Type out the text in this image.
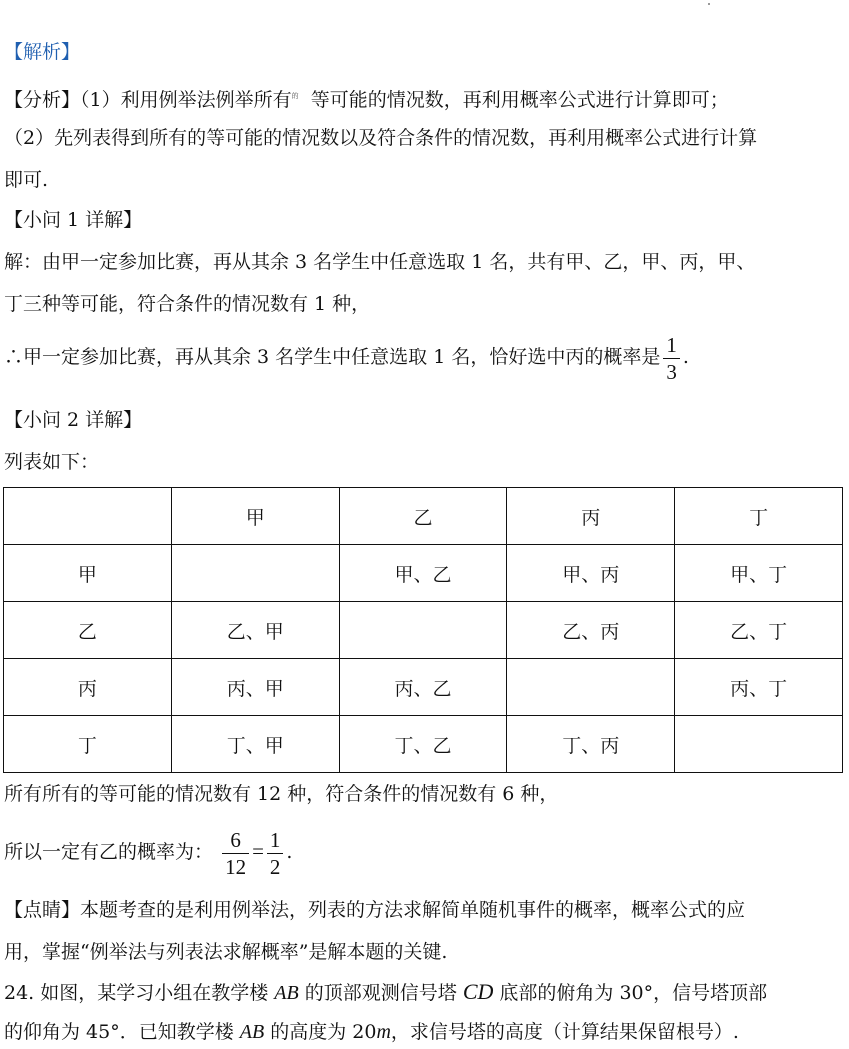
【解析】
【分析】（1）利用例举法例举所有$^的$ 等可能的情况数，再利用概率公式进行计算即可；
（2）先列表得到所有的等可能的情况数以及符合条件的情况数，再利用概率公式进行计算
即可.
【小问 1 详解】
解：由甲一定参加比赛，再从其余 3 名学生中任意选取 1 名，共有甲、乙，甲、丙，甲、
丁三种等可能，符合条件的情况数有 1 种，
∴甲一定参加比赛，再从其余 3 名学生中任意选取 1 名，恰好选中丙的概率是 $\frac{1}{3}$ .
【小问 2 详解】
列表如下：
	甲	乙	丙	丁
甲		甲、乙	甲、丙	甲、丁
乙	乙、甲		乙、丙	乙、丁
丙	丙、甲	丙、乙		丙、丁
丁	丁、甲	丁、乙	丁、丙	
所有所有的等可能的情况数有 12 种，符合条件的情况数有 6 种，
所以一定有乙的概率为： $\frac{6}{12} = \frac{1}{2}$ .
【点睛】本题考查的是利用例举法，列表的方法求解简单随机事件的概率，概率公式的应
用，掌握“例举法与列表法求解概率”是解本题的关键.
24. 如图，某学习小组在教学楼 AB 的顶部观测信号塔 CD 底部的俯角为 30°，信号塔顶部
的仰角为 45°．已知教学楼 AB 的高度为 20m，求信号塔的高度（计算结果保留根号）.
